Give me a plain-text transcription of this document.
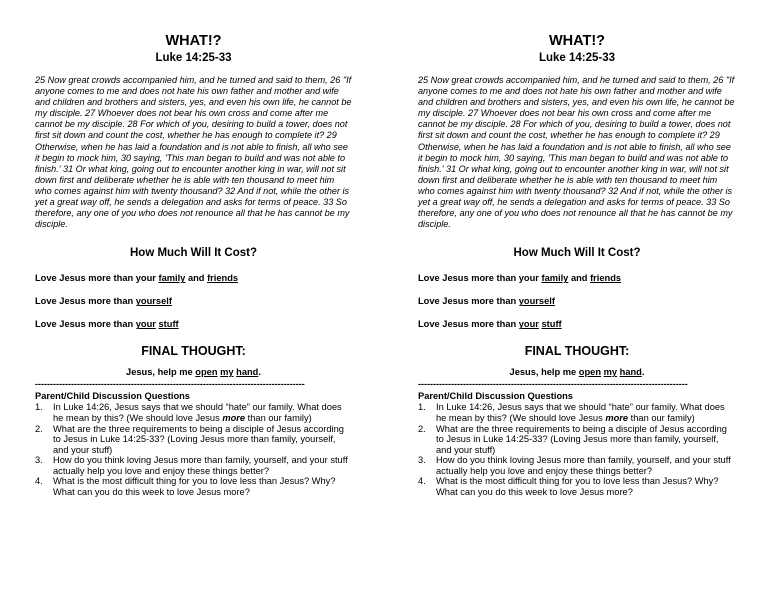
WHAT!?
Luke 14:25-33
25 Now great crowds accompanied him, and he turned and said to them, 26 "If anyone comes to me and does not hate his own father and mother and wife and children and brothers and sisters, yes, and even his own life, he cannot be my disciple. 27 Whoever does not bear his own cross and come after me cannot be my disciple. 28 For which of you, desiring to build a tower, does not first sit down and count the cost, whether he has enough to complete it? 29 Otherwise, when he has laid a foundation and is not able to finish, all who see it begin to mock him, 30 saying, 'This man began to build and was not able to finish.' 31 Or what king, going out to encounter another king in war, will not sit down first and deliberate whether he is able with ten thousand to meet him who comes against him with twenty thousand? 32 And if not, while the other is yet a great way off, he sends a delegation and asks for terms of peace. 33 So therefore, any one of you who does not renounce all that he has cannot be my disciple.
How Much Will It Cost?
Love Jesus more than your family and friends
Love Jesus more than yourself
Love Jesus more than your stuff
FINAL THOUGHT:
Jesus, help me open my hand.
------------------------------------------------------------------------------------------
Parent/Child Discussion Questions
1. In Luke 14:26, Jesus says that we should “hate” our family. What does he mean by this? (We should love Jesus more than our family)
2. What are the three requirements to being a disciple of Jesus according to Jesus in Luke 14:25-33? (Loving Jesus more than family, yourself, and your stuff)
3. How do you think loving Jesus more than family, yourself, and your stuff actually help you love and enjoy these things better?
4. What is the most difficult thing for you to love less than Jesus? Why? What can you do this week to love Jesus more?
WHAT!?
Luke 14:25-33
25 Now great crowds accompanied him, and he turned and said to them, 26 "If anyone comes to me and does not hate his own father and mother and wife and children and brothers and sisters, yes, and even his own life, he cannot be my disciple. 27 Whoever does not bear his own cross and come after me cannot be my disciple. 28 For which of you, desiring to build a tower, does not first sit down and count the cost, whether he has enough to complete it? 29 Otherwise, when he has laid a foundation and is not able to finish, all who see it begin to mock him, 30 saying, 'This man began to build and was not able to finish.' 31 Or what king, going out to encounter another king in war, will not sit down first and deliberate whether he is able with ten thousand to meet him who comes against him with twenty thousand? 32 And if not, while the other is yet a great way off, he sends a delegation and asks for terms of peace. 33 So therefore, any one of you who does not renounce all that he has cannot be my disciple.
How Much Will It Cost?
Love Jesus more than your family and friends
Love Jesus more than yourself
Love Jesus more than your stuff
FINAL THOUGHT:
Jesus, help me open my hand.
------------------------------------------------------------------------------------------
Parent/Child Discussion Questions
1. In Luke 14:26, Jesus says that we should “hate” our family. What does he mean by this? (We should love Jesus more than our family)
2. What are the three requirements to being a disciple of Jesus according to Jesus in Luke 14:25-33? (Loving Jesus more than family, yourself, and your stuff)
3. How do you think loving Jesus more than family, yourself, and your stuff actually help you love and enjoy these things better?
4. What is the most difficult thing for you to love less than Jesus? Why? What can you do this week to love Jesus more?
